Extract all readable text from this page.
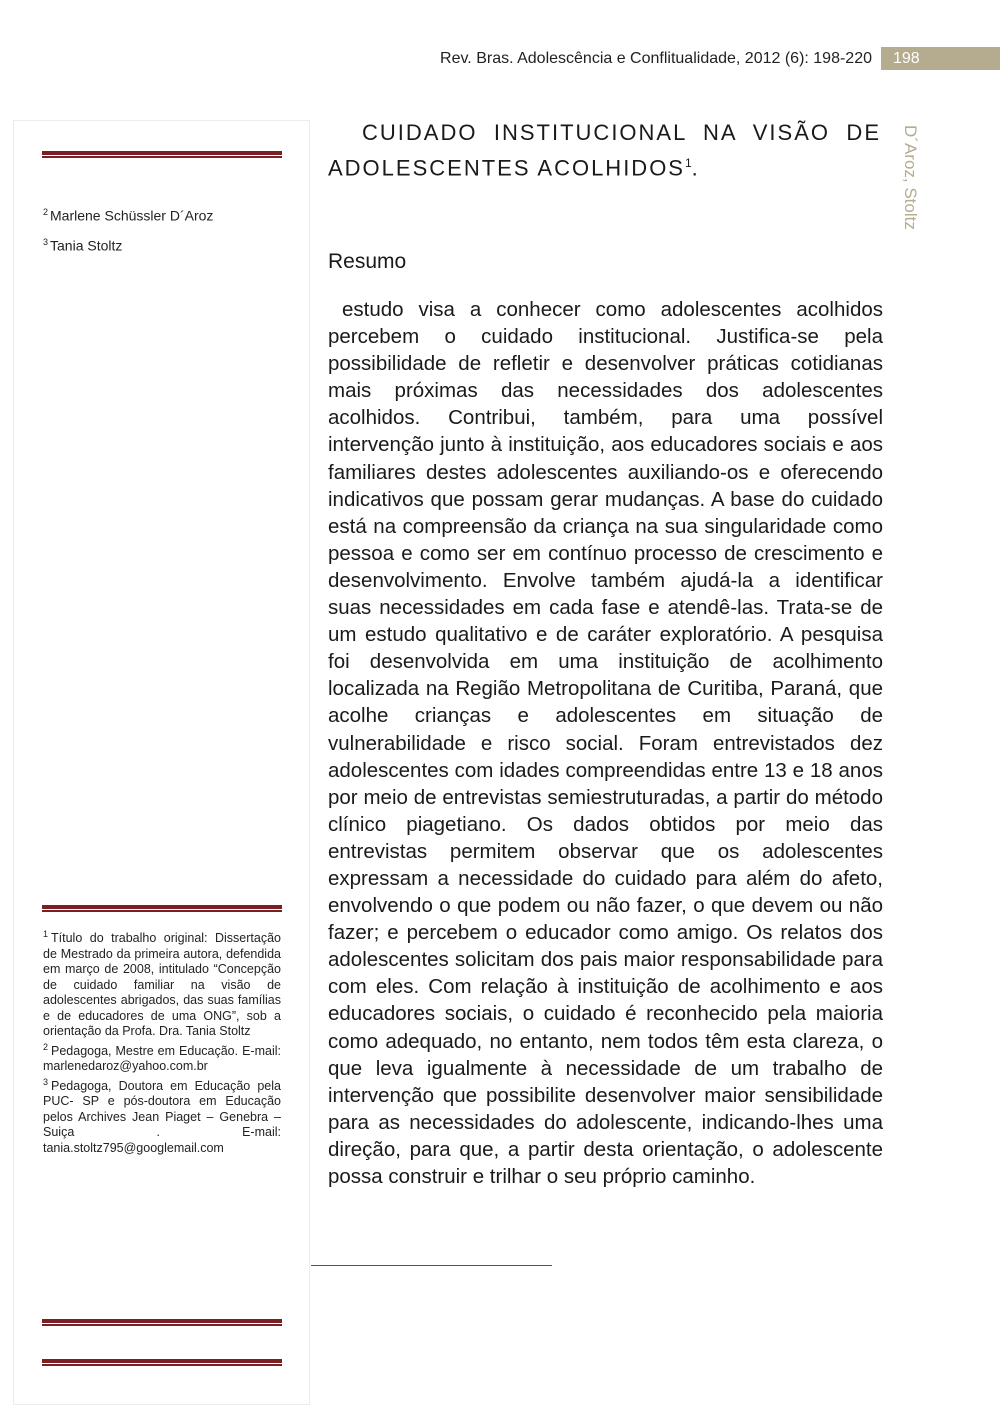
Rev. Bras. Adolescência e Conflitualidade, 2012 (6): 198-220	198
D´Aroz, Stoltz
$^2$ Marlene Schüssler D´Aroz
$^3$ Tania Stoltz

$^1$ Título do trabalho original: Dissertação de Mestrado da primeira autora, defendida em março de 2008, intitulado “Concepção de cuidado familiar na visão de adolescentes abrigados, das suas famílias e de educadores de uma ONG”, sob a orientação da Profa. Dra. Tania Stoltz

$^2$ Pedagoga, Mestre em Educação. E-mail: marlenedaroz@yahoo.com.br

$^3$ Pedagoga, Doutora em Educação pela PUC- SP e pós-doutora em Educação pelos Archives Jean Piaget – Genebra – Suiça . E-mail: tania.stoltz795@googlemail.com

CUIDADO INSTITUCIONAL NA VISÃO DE ADOLESCENTES ACOLHIDOS$^1$.
Resumo

estudo visa a conhecer como adolescentes acolhidos percebem o cuidado institucional. Justifica-se pela possibilidade de refletir e desenvolver práticas cotidianas mais próximas das necessidades dos adolescentes acolhidos. Contribui, também, para uma possível intervenção junto à instituição, aos educadores sociais e aos familiares destes adolescentes auxiliando-os e oferecendo indicativos que possam gerar mudanças. A base do cuidado está na compreensão da criança na sua singularidade como pessoa e como ser em contínuo processo de crescimento e desenvolvimento. Envolve também ajudá-la a identificar suas necessidades em cada fase e atendê-las. Trata-se de um estudo qualitativo e de caráter exploratório. A pesquisa foi desenvolvida em uma instituição de acolhimento localizada na Região Metropolitana de Curitiba, Paraná, que acolhe crianças e adolescentes em situação de vulnerabilidade e risco social. Foram entrevistados dez adolescentes com idades compreendidas entre 13 e 18 anos por meio de entrevistas semiestruturadas, a partir do método clínico piagetiano. Os dados obtidos por meio das entrevistas permitem observar que os adolescentes expressam a necessidade do cuidado para além do afeto, envolvendo o que podem ou não fazer, o que devem ou não fazer; e percebem o educador como amigo. Os relatos dos adolescentes solicitam dos pais maior responsabilidade para com eles. Com relação à instituição de acolhimento e aos educadores sociais, o cuidado é reconhecido pela maioria como adequado, no entanto, nem todos têm esta clareza, o que leva igualmente à necessidade de um trabalho de intervenção que possibilite desenvolver maior sensibilidade para as necessidades do adolescente, indicando-lhes uma direção, para que, a partir desta orientação, o adolescente possa construir e trilhar o seu próprio caminho.
